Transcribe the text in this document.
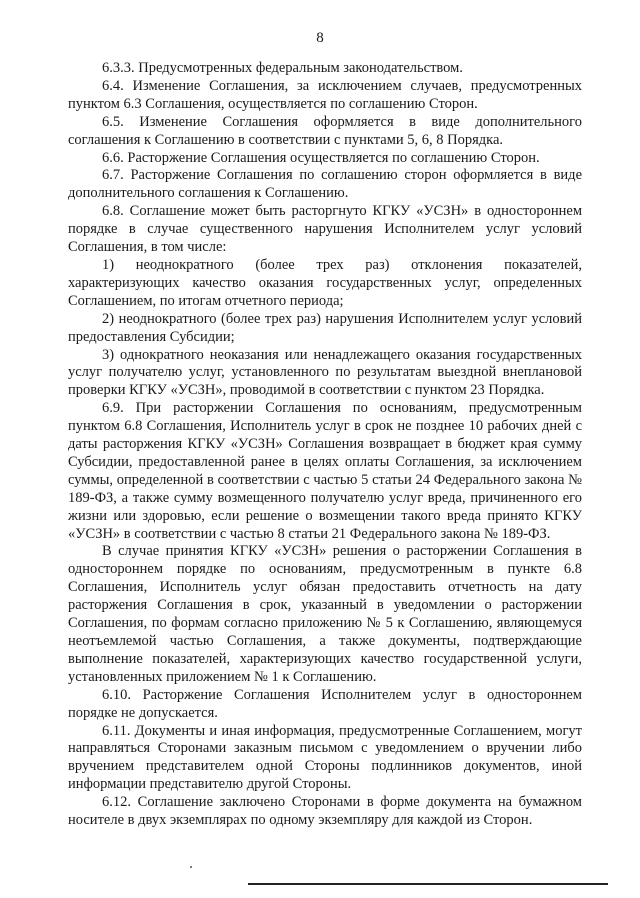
8

6.3.3. Предусмотренных федеральным законодательством.

6.4. Изменение Соглашения, за исключением случаев, предусмотренных пунктом 6.3 Соглашения, осуществляется по соглашению Сторон.

6.5. Изменение Соглашения оформляется в виде дополнительного соглашения к Соглашению в соответствии с пунктами 5, 6, 8 Порядка.

6.6. Расторжение Соглашения осуществляется по соглашению Сторон.

6.7. Расторжение Соглашения по соглашению сторон оформляется в виде дополнительного соглашения к Соглашению.

6.8. Соглашение может быть расторгнуто КГКУ «УСЗН» в одностороннем порядке в случае существенного нарушения Исполнителем услуг условий Соглашения, в том числе:

1) неоднократного (более трех раз) отклонения показателей, характеризующих качество оказания государственных услуг, определенных Соглашением, по итогам отчетного периода;

2) неоднократного (более трех раз) нарушения Исполнителем услуг условий предоставления Субсидии;

3) однократного неоказания или ненадлежащего оказания государственных услуг получателю услуг, установленного по результатам выездной внеплановой проверки КГКУ «УСЗН», проводимой в соответствии с пунктом 23 Порядка.

6.9. При расторжении Соглашения по основаниям, предусмотренным пунктом 6.8 Соглашения, Исполнитель услуг в срок не позднее 10 рабочих дней с даты расторжения КГКУ «УСЗН» Соглашения возвращает в бюджет края сумму Субсидии, предоставленной ранее в целях оплаты Соглашения, за исключением суммы, определенной в соответствии с частью 5 статьи 24 Федерального закона № 189-ФЗ, а также сумму возмещенного получателю услуг вреда, причиненного его жизни или здоровью, если решение о возмещении такого вреда принято КГКУ «УСЗН» в соответствии с частью 8 статьи 21 Федерального закона № 189-ФЗ.

В случае принятия КГКУ «УСЗН» решения о расторжении Соглашения в одностороннем порядке по основаниям, предусмотренным в пункте 6.8 Соглашения, Исполнитель услуг обязан предоставить отчетность на дату расторжения Соглашения в срок, указанный в уведомлении о расторжении Соглашения, по формам согласно приложению № 5 к Соглашению, являющемуся неотъемлемой частью Соглашения, а также документы, подтверждающие выполнение показателей, характеризующих качество государственной услуги, установленных приложением № 1 к Соглашению.

6.10. Расторжение Соглашения Исполнителем услуг в одностороннем порядке не допускается.

6.11. Документы и иная информация, предусмотренные Соглашением, могут направляться Сторонами заказным письмом с уведомлением о вручении либо вручением представителем одной Стороны подлинников документов, иной информации представителю другой Стороны.

6.12. Соглашение заключено Сторонами в форме документа на бумажном носителе в двух экземплярах по одному экземпляру для каждой из Сторон.
